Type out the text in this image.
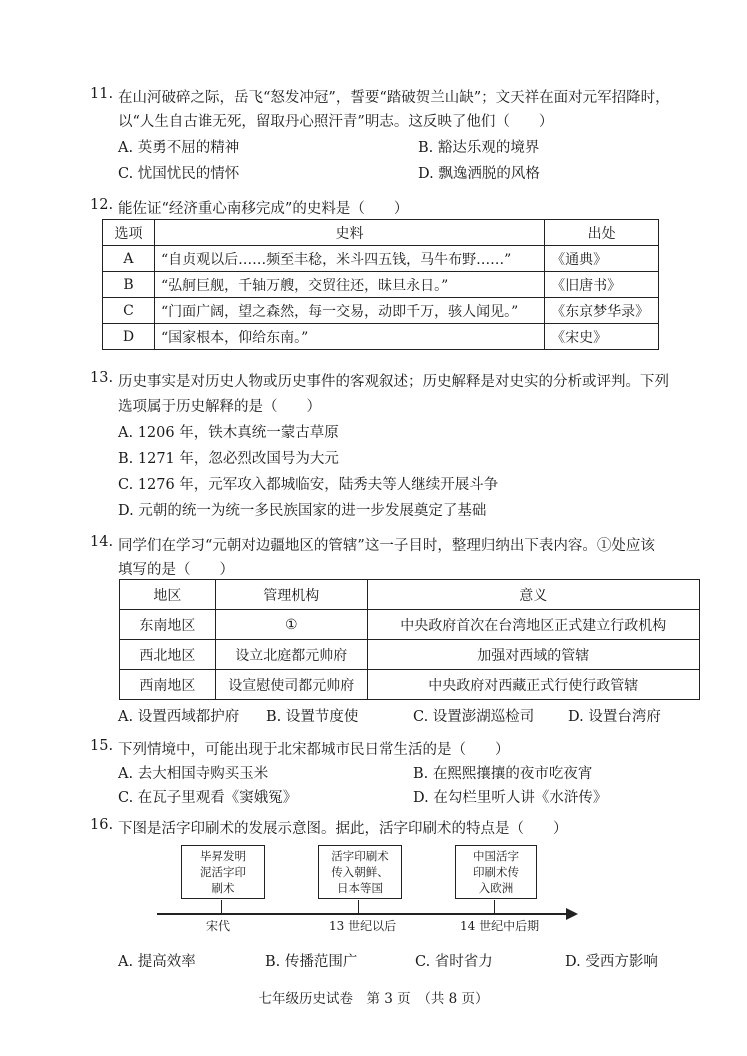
11. 在山河破碎之际，岳飞“怒发冲冠”，誓要“踏破贺兰山缺”；文天祥在面对元军招降时，
以“人生自古谁无死，留取丹心照汗青”明志。这反映了他们（　　）
A. 英勇不屈的精神	B. 豁达乐观的境界
C. 忧国忧民的情怀	D. 飘逸洒脱的风格
12. 能佐证“经济重心南移完成”的史料是（　　）
选项	史料	出处
A	“自贞观以后……频至丰稔，米斗四五钱，马牛布野……”	《通典》
B	“弘舸巨舰，千轴万艘，交贸往还，昧旦永日。”	《旧唐书》
C	“门面广阔，望之森然，每一交易，动即千万，骇人闻见。”	《东京梦华录》
D	“国家根本，仰给东南。”	《宋史》
13. 历史事实是对历史人物或历史事件的客观叙述；历史解释是对史实的分析或评判。下列
选项属于历史解释的是（　　）
A. 1206 年，铁木真统一蒙古草原
B. 1271 年，忽必烈改国号为大元
C. 1276 年，元军攻入都城临安，陆秀夫等人继续开展斗争
D. 元朝的统一为统一多民族国家的进一步发展奠定了基础
14. 同学们在学习“元朝对边疆地区的管辖”这一子目时，整理归纳出下表内容。①处应该
填写的是（　　）
地区	管理机构	意义
东南地区	①	中央政府首次在台湾地区正式建立行政机构
西北地区	设立北庭都元帅府	加强对西域的管辖
西南地区	设宣慰使司都元帅府	中央政府对西藏正式行使行政管辖
A. 设置西域都护府 B. 设置节度使	C. 设置澎湖巡检司 D. 设置台湾府
15. 下列情境中，可能出现于北宋都城市民日常生活的是（　　）
A. 去大相国寺购买玉米	B. 在熙熙攘攘的夜市吃夜宵
C. 在瓦子里观看《窦娥冤》	D. 在勾栏里听人讲《水浒传》
16. 下图是活字印刷术的发展示意图。据此，活字印刷术的特点是（　　）
毕昇发明
泥活字印
刷术
活字印刷术
传入朝鲜、
日本等国
中国活字
印刷术传
入欧洲
宋代	13 世纪以后	14 世纪中后期
A. 提高效率	B. 传播范围广	C. 省时省力	D. 受西方影响
七年级历史试卷　第 3 页　（共 8 页）
